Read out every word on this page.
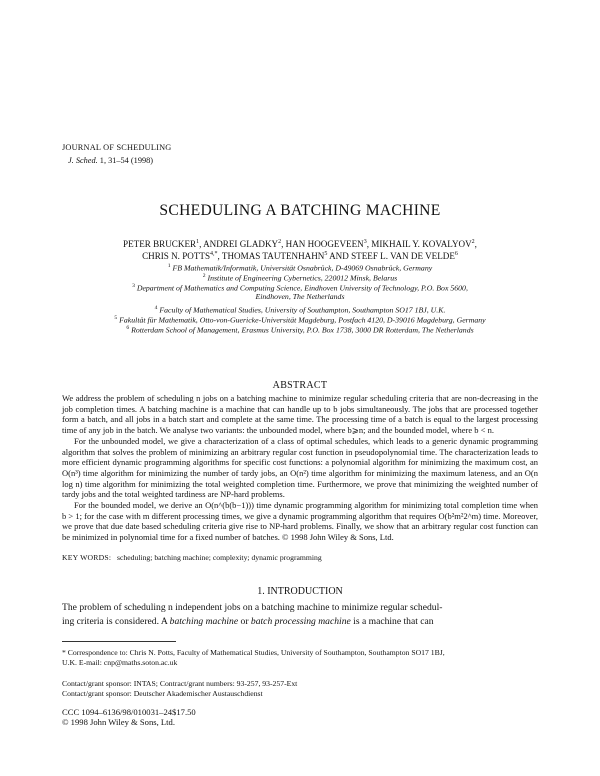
JOURNAL OF SCHEDULING
J. Sched. 1, 31–54 (1998)
SCHEDULING A BATCHING MACHINE
PETER BRUCKER$^1$, ANDREI GLADKY$^2$, HAN HOOGEVEEN$^3$, MIKHAIL Y. KOVALYOV$^2$,
CHRIS N. $POTTS^{4,*}$, THOMAS TAUTENHAHN$^5$ AND STEEF L. VAN DE VELDE$^6$
$^1$ FB Mathematik/Informatik, Universität Osnabrück, D-49069 Osnabrück, Germany
$^2$ Institute of Engineering Cybernetics, 220012 Minsk, Belarus
$^3$ Department of Mathematics and Computing Science, Eindhoven University of Technology, P.O. Box 5600,
Eindhoven, The Netherlands
$^4$ Faculty of Mathematical Studies, University of Southampton, Southampton SO17 1BJ, U.K.
$^5$ Fakultät für Mathematik, Otto-von-Guericke-Universität Magdeburg, Postfach 4120, D-39016 Magdeburg, Germany
$^6$ Rotterdam School of Management, Erasmus University, P.O. Box 1738, 3000 DR Rotterdam, The Netherlands
ABSTRACT

We address the problem of scheduling n jobs on a batching machine to minimize regular scheduling criteria that are non-decreasing in the job completion times. A batching machine is a machine that can handle up to b jobs simultaneously. The jobs that are processed together form a batch, and all jobs in a batch start and complete at the same time. The processing time of a batch is equal to the largest processing time of any job in the batch. We analyse two variants: the unbounded model, where b⩾n; and the bounded model, where b < n.

For the unbounded model, we give a characterization of a class of optimal schedules, which leads to a generic dynamic programming algorithm that solves the problem of minimizing an arbitrary regular cost function in pseudopolynomial time. The characterization leads to more efficient dynamic programming algorithms for specific cost functions: a polynomial algorithm for minimizing the maximum cost, an O(n³) time algorithm for minimizing the number of tardy jobs, an O(n²) time algorithm for minimizing the maximum lateness, and an O(n log n) time algorithm for minimizing the total weighted completion time. Furthermore, we prove that minimizing the weighted number of tardy jobs and the total weighted tardiness are NP-hard problems.

For the bounded model, we derive an O(n^(b(b−1))) time dynamic programming algorithm for minimizing total completion time when b > 1; for the case with m different processing times, we give a dynamic programming algorithm that requires O(b²m²2^m) time. Moreover, we prove that due date based scheduling criteria give rise to NP-hard problems. Finally, we show that an arbitrary regular cost function can be minimized in polynomial time for a fixed number of batches. © 1998 John Wiley & Sons, Ltd.

KEY WORDS: scheduling; batching machine; complexity; dynamic programming
1. INTRODUCTION
The problem of scheduling n independent jobs on a batching machine to minimize regular schedul-
ing criteria is considered. A batching machine or batch processing machine is a machine that can
* Correspondence to: Chris N. Potts, Faculty of Mathematical Studies, University of Southampton, Southampton SO17 1BJ,
U.K. E-mail: cnp@maths.soton.ac.uk
Contact/grant sponsor: INTAS; Contract/grant numbers: 93-257, 93-257-Ext
Contact/grant sponsor: Deutscher Akademischer Austauschdienst
CCC 1094–6136/98/010031–24$17.50
© 1998 John Wiley & Sons, Ltd.
